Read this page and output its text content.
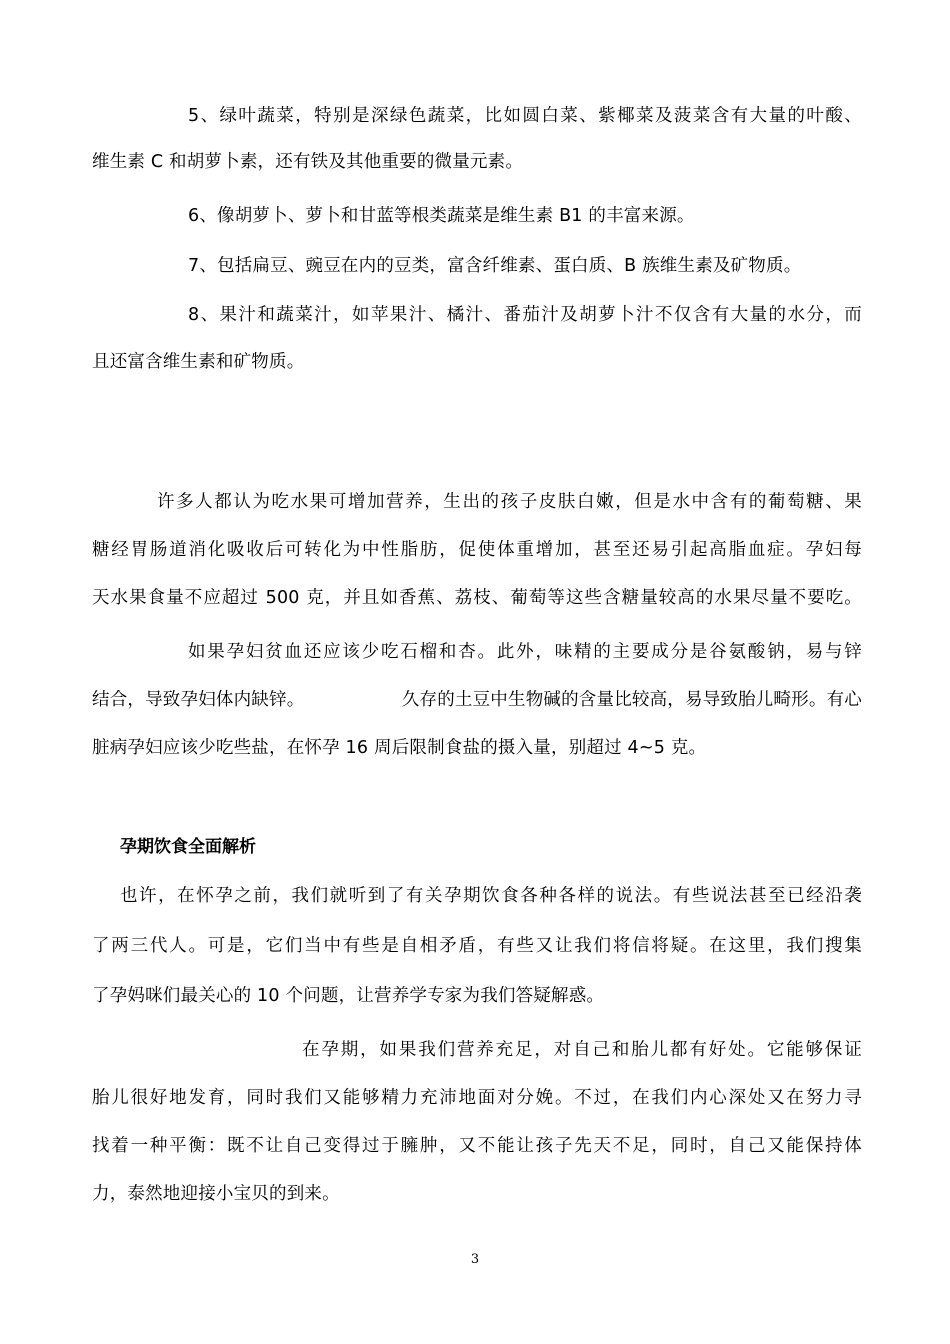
5、绿叶蔬菜，特别是深绿色蔬菜，比如圆白菜、紫椰菜及菠菜含有大量的叶酸、
维生素 C 和胡萝卜素，还有铁及其他重要的微量元素。
6、像胡萝卜、萝卜和甘蓝等根类蔬菜是维生素 B1 的丰富来源。
7、包括扁豆、豌豆在内的豆类，富含纤维素、蛋白质、B 族维生素及矿物质。
8、果汁和蔬菜汁，如苹果汁、橘汁、番茄汁及胡萝卜汁不仅含有大量的水分，而
且还富含维生素和矿物质。
许多人都认为吃水果可增加营养，生出的孩子皮肤白嫩，但是水中含有的葡萄糖、果
糖经胃肠道消化吸收后可转化为中性脂肪，促使体重增加，甚至还易引起高脂血症。孕妇每
天水果食量不应超过 500 克，并且如香蕉、荔枝、葡萄等这些含糖量较高的水果尽量不要吃。
如果孕妇贫血还应该少吃石榴和杏。此外，味精的主要成分是谷氨酸钠，易与锌
结合，导致孕妇体内缺锌。	久存的土豆中生物碱的含量比较高，易导致胎儿畸形。有心
脏病孕妇应该少吃些盐，在怀孕 16 周后限制食盐的摄入量，别超过 4~5 克。
孕期饮食全面解析
也许，在怀孕之前，我们就听到了有关孕期饮食各种各样的说法。有些说法甚至已经沿袭
了两三代人。可是，它们当中有些是自相矛盾，有些又让我们将信将疑。在这里，我们搜集
了孕妈咪们最关心的 10 个问题，让营养学专家为我们答疑解惑。
在孕期，如果我们营养充足，对自己和胎儿都有好处。它能够保证
胎儿很好地发育，同时我们又能够精力充沛地面对分娩。不过，在我们内心深处又在努力寻
找着一种平衡：既不让自己变得过于臃肿，又不能让孩子先天不足，同时，自己又能保持体
力，泰然地迎接小宝贝的到来。
3
